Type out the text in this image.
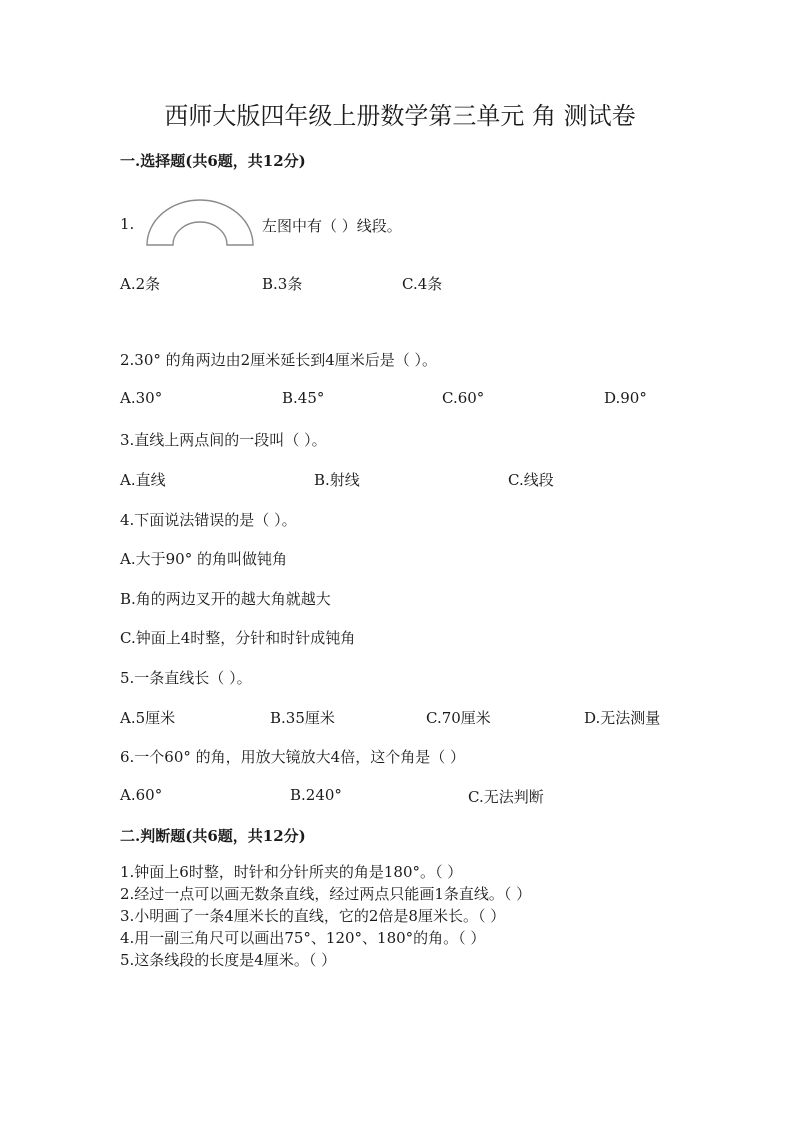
西师大版四年级上册数学第三单元 角 测试卷
一.选择题(共6题，共12分)
1.	左图中有（ ）线段。
A.2条	B.3条	C.4条
2.30° 的角两边由2厘米延长到4厘米后是（ ）。
A.30°	B.45°	C.60°	D.90°
3.直线上两点间的一段叫（ ）。
A.直线	B.射线	C.线段
4.下面说法错误的是（ ）。
A.大于90° 的角叫做钝角
B.角的两边叉开的越大角就越大
C.钟面上4时整，分针和时针成钝角
5.一条直线长（ ）。
A.5厘米	B.35厘米	C.70厘米	D.无法测量
6.一个60° 的角，用放大镜放大4倍，这个角是（ ）
A.60°	B.240°	C.无法判断
二.判断题(共6题，共12分)
1.钟面上6时整，时针和分针所夹的角是180°。（ ）
2.经过一点可以画无数条直线，经过两点只能画1条直线。（ ）
3.小明画了一条4厘米长的直线，它的2倍是8厘米长。（ ）
4.用一副三角尺可以画出75°、120°、180°的角。（ ）
5.这条线段的长度是4厘米。（ ）
